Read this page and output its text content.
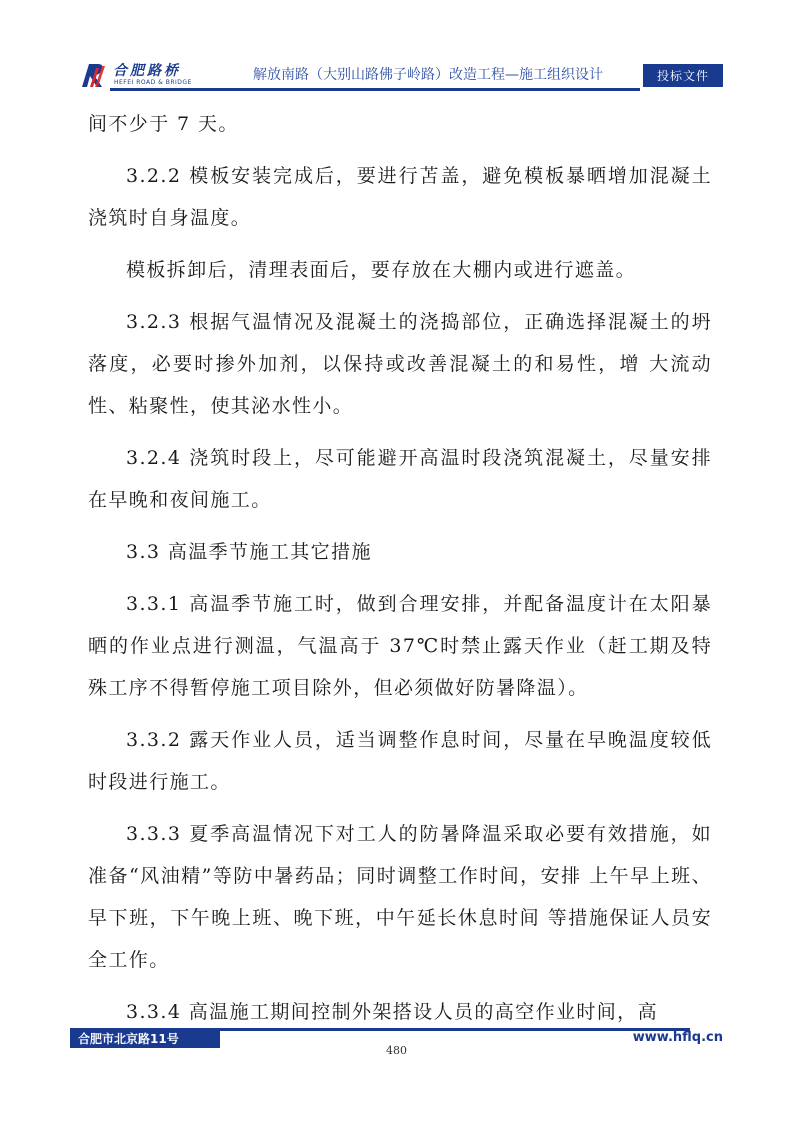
合肥路桥
HEFEI ROAD & BRIDGE	解放南路（大别山路佛子岭路）改造工程—施工组织设计	投标文件

间不少于 7 天。

3.2.2 模板安装完成后，要进行苫盖，避免模板暴晒增加混凝土浇筑时自身温度。

模板拆卸后，清理表面后，要存放在大棚内或进行遮盖。

3.2.3 根据气温情况及混凝土的浇捣部位，正确选择混凝土的坍落度，必要时掺外加剂，以保持或改善混凝土的和易性，增 大流动性、粘聚性，使其泌水性小。

3.2.4 浇筑时段上，尽可能避开高温时段浇筑混凝土，尽量安排在早晚和夜间施工。

3.3 高温季节施工其它措施

3.3.1 高温季节施工时，做到合理安排，并配备温度计在太阳暴晒的作业点进行测温，气温高于 37℃时禁止露天作业（赶工期及特殊工序不得暂停施工项目除外，但必须做好防暑降温）。

3.3.2 露天作业人员，适当调整作息时间，尽量在早晚温度较低时段进行施工。

3.3.3 夏季高温情况下对工人的防暑降温采取必要有效措施，如准备“风油精”等防中暑药品；同时调整工作时间，安排 上午早上班、早下班，下午晚上班、晚下班，中午延长休息时间 等措施保证人员安全工作。

3.3.4 高温施工期间控制外架搭设人员的高空作业时间，高

合肥市北京路11号	www.hflq.cn
480
